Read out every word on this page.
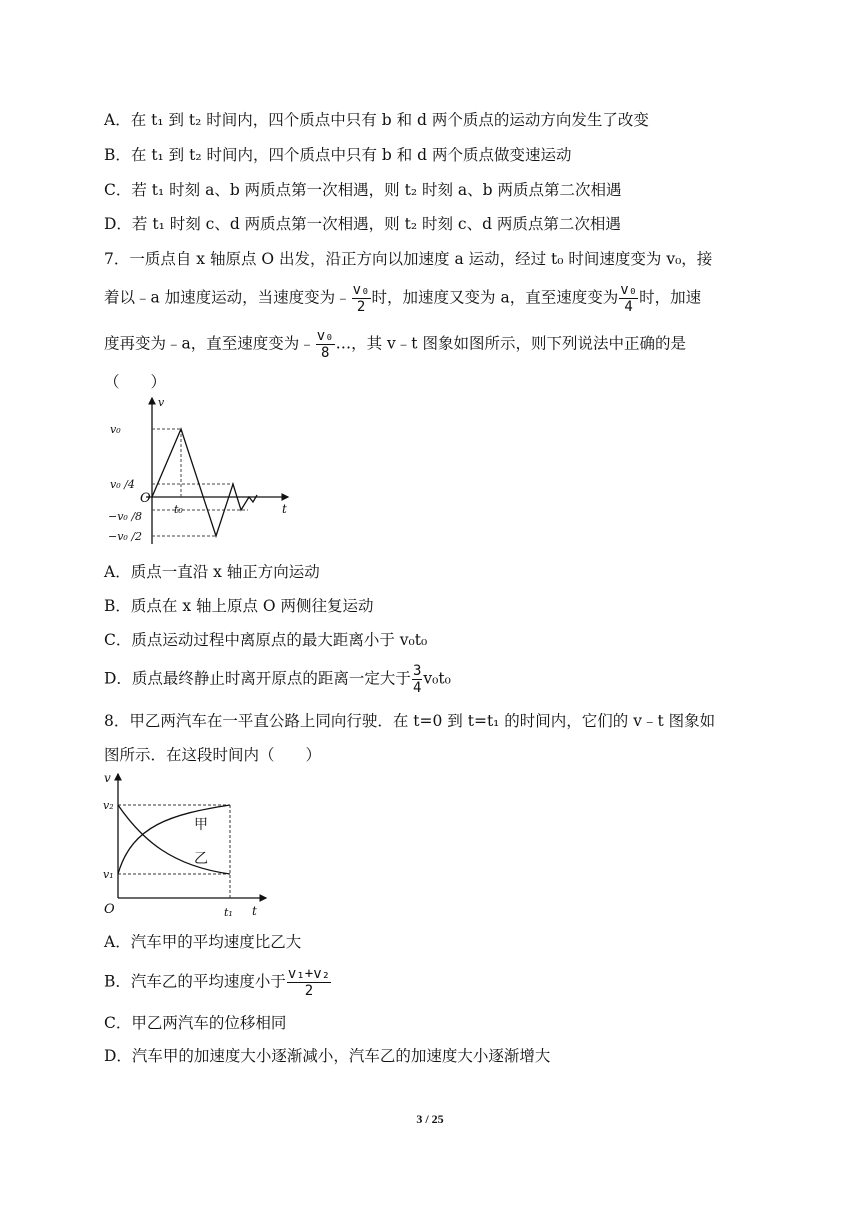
A．在 t₁ 到 t₂ 时间内，四个质点中只有 b 和 d 两个质点的运动方向发生了改变
B．在 t₁ 到 t₂ 时间内，四个质点中只有 b 和 d 两个质点做变速运动
C．若 t₁ 时刻 a、b 两质点第一次相遇，则 t₂ 时刻 a、b 两质点第二次相遇
D．若 t₁ 时刻 c、d 两质点第一次相遇，则 t₂ 时刻 c、d 两质点第二次相遇
7．一质点自 x 轴原点 O 出发，沿正方向以加速度 a 运动，经过 t₀ 时间速度变为 v₀，接
着以﹣a 加速度运动，当速度变为﹣ $\frac{\text{v₀}}{2}$ 时，加速度又变为 a，直至速度变为 $\frac{\text{v₀}}{4}$ 时，加速
度再变为﹣a，直至速度变为﹣ $\frac{\text{v₀}}{8}$ …，其 v﹣t 图象如图所示，则下列说法中正确的是
（　　）
v
t
O
v₀
v₀ /4
t₀
−v₀ /8
−v₀ /2
A．质点一直沿 x 轴正方向运动
B．质点在 x 轴上原点 O 两侧往复运动
C．质点运动过程中离原点的最大距离小于 v₀t₀
D．质点最终静止时离开原点的距离一定大于 $\frac{3}{4} v_0t_0$
8．甲乙两汽车在一平直公路上同向行驶．在 t=0 到 t=t₁ 的时间内，它们的 v﹣t 图象如
图所示．在这段时间内（　　）
v
t
O
v₂
v₁
t₁
甲
乙
A．汽车甲的平均速度比乙大
B．汽车乙的平均速度小于 $\frac{\text{v₁+v₂}}{2}$
C．甲乙两汽车的位移相同
D．汽车甲的加速度大小逐渐减小，汽车乙的加速度大小逐渐增大
3 / 25
